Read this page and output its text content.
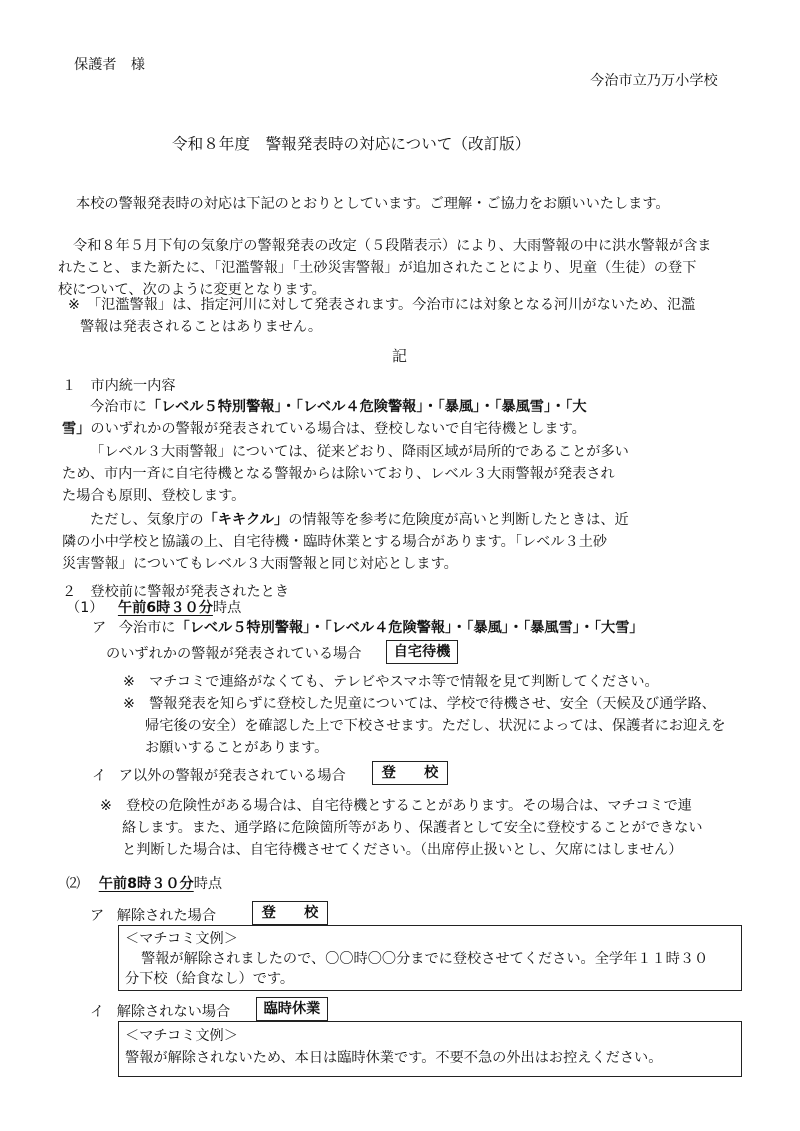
保護者　様
今治市立乃万小学校
令和８年度　警報発表時の対応について（改訂版）
本校の警報発表時の対応は下記のとおりとしています。ご理解・ご協力をお願いいたします。
令和８年５月下旬の気象庁の警報発表の改定（５段階表示）により、大雨警報の中に洪水警報が含ま
れたこと、また新たに、「氾濫警報」「土砂災害警報」が追加されたことにより、児童（生徒）の登下
校について、次のように変更となります。
※　「氾濫警報」は、指定河川に対して発表されます。今治市には対象となる河川がないため、氾濫
警報は発表されることはありません。
記
１　市内統一内容
今治市に「レベル５特別警報」・「レベル４危険警報」・「暴風」・「暴風雪」・「大
雪」のいずれかの警報が発表されている場合は、登校しないで自宅待機とします。
「レベル３大雨警報」については、従来どおり、降雨区域が局所的であることが多い
ため、市内一斉に自宅待機となる警報からは除いており、レベル３大雨警報が発表され
た場合も原則、登校します。
ただし、気象庁の「キキクル」の情報等を参考に危険度が高いと判断したときは、近
隣の小中学校と協議の上、自宅待機・臨時休業とする場合があります。「レベル３土砂
災害警報」についてもレベル３大雨警報と同じ対応とします。
２　登校前に警報が発表されたとき
（1） 午前6時３０分時点
ア 今治市に「レベル５特別警報」・「レベル４危険警報」・「暴風」・「暴風雪」・「大雪」
のいずれかの警報が発表されている場合	自宅待機
※　マチコミで連絡がなくても、テレビやスマホ等で情報を見て判断してください。
※　警報発表を知らずに登校した児童については、学校で待機させ、安全（天候及び通学路、
帰宅後の安全）を確認した上で下校させます。ただし、状況によっては、保護者にお迎えを
お願いすることがあります。
イ ア以外の警報が発表されている場合	登　　校
※　登校の危険性がある場合は、自宅待機とすることがあります。その場合は、マチコミで連
絡します。また、通学路に危険箇所等があり、保護者として安全に登校することができない
と判断した場合は、自宅待機させてください。（出席停止扱いとし、欠席にはしません）
⑵ 午前8時３０分時点
ア 解除された場合	登　　校
＜マチコミ文例＞
警報が解除されましたので、〇〇時〇〇分までに登校させてください。全学年１１時３０
分下校（給食なし）です。
イ 解除されない場合	臨時休業
＜マチコミ文例＞
警報が解除されないため、本日は臨時休業です。不要不急の外出はお控えください。
